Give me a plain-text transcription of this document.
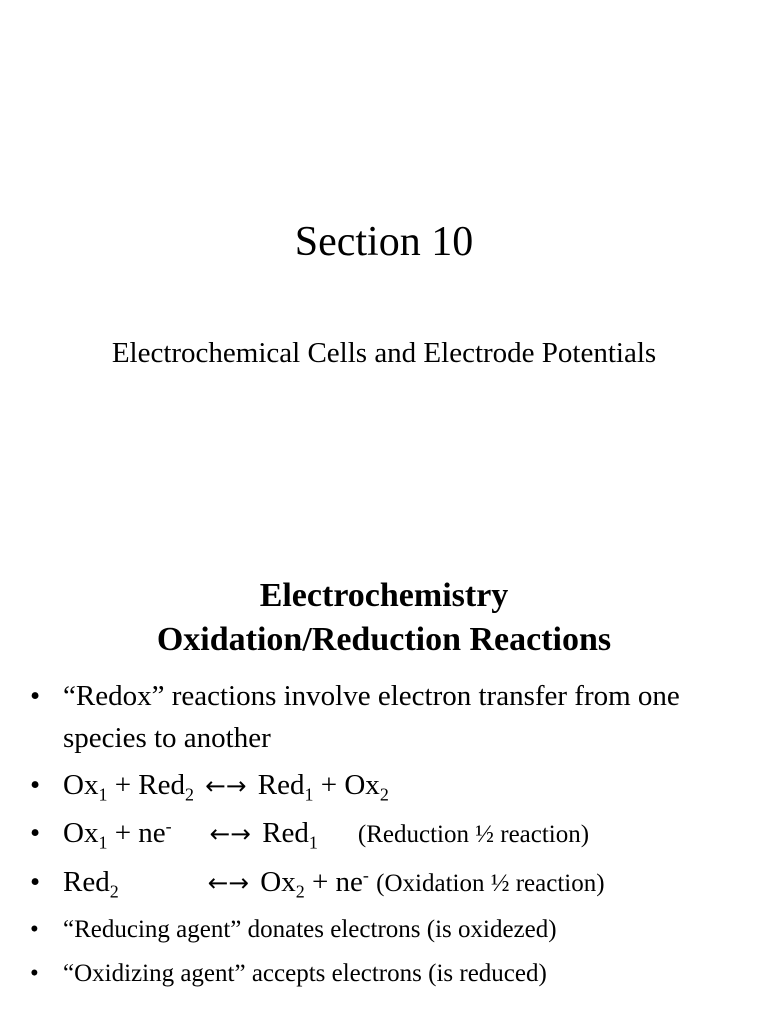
Section 10

Electrochemical Cells and Electrode Potentials

Electrochemistry
Oxidation/Reduction Reactions
• “Redox” reactions involve electron transfer from one species to another
• $Ox_1 + Red_2$ ←→ $Red_1 + Ox_2$
• $Ox_1 + ne^-$ ←→ Red$_1$ (Reduction ½ reaction)
• Red$_2$	←→ $Ox_2 + ne^-$ (Oxidation ½ reaction)
• “Reducing agent” donates electrons (is oxidezed)
• “Oxidizing agent” accepts electrons (is reduced)
